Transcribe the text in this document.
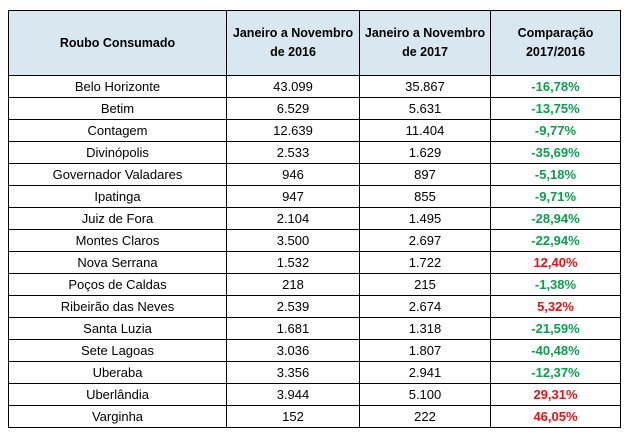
Roubo Consumado	Janeiro a Novembro de 2016	Janeiro a Novembro de 2017	Comparação 2017/2016
Belo Horizonte	43.099	35.867	-16,78%
Betim	6.529	5.631	-13,75%
Contagem	12.639	11.404	-9,77%
Divinópolis	2.533	1.629	-35,69%
Governador Valadares	946	897	-5,18%
Ipatinga	947	855	-9,71%
Juiz de Fora	2.104	1.495	-28,94%
Montes Claros	3.500	2.697	-22,94%
Nova Serrana	1.532	1.722	12,40%
Poços de Caldas	218	215	-1,38%
Ribeirão das Neves	2.539	2.674	5,32%
Santa Luzia	1.681	1.318	-21,59%
Sete Lagoas	3.036	1.807	-40,48%
Uberaba	3.356	2.941	-12,37%
Uberlândia	3.944	5.100	29,31%
Varginha	152	222	46,05%
